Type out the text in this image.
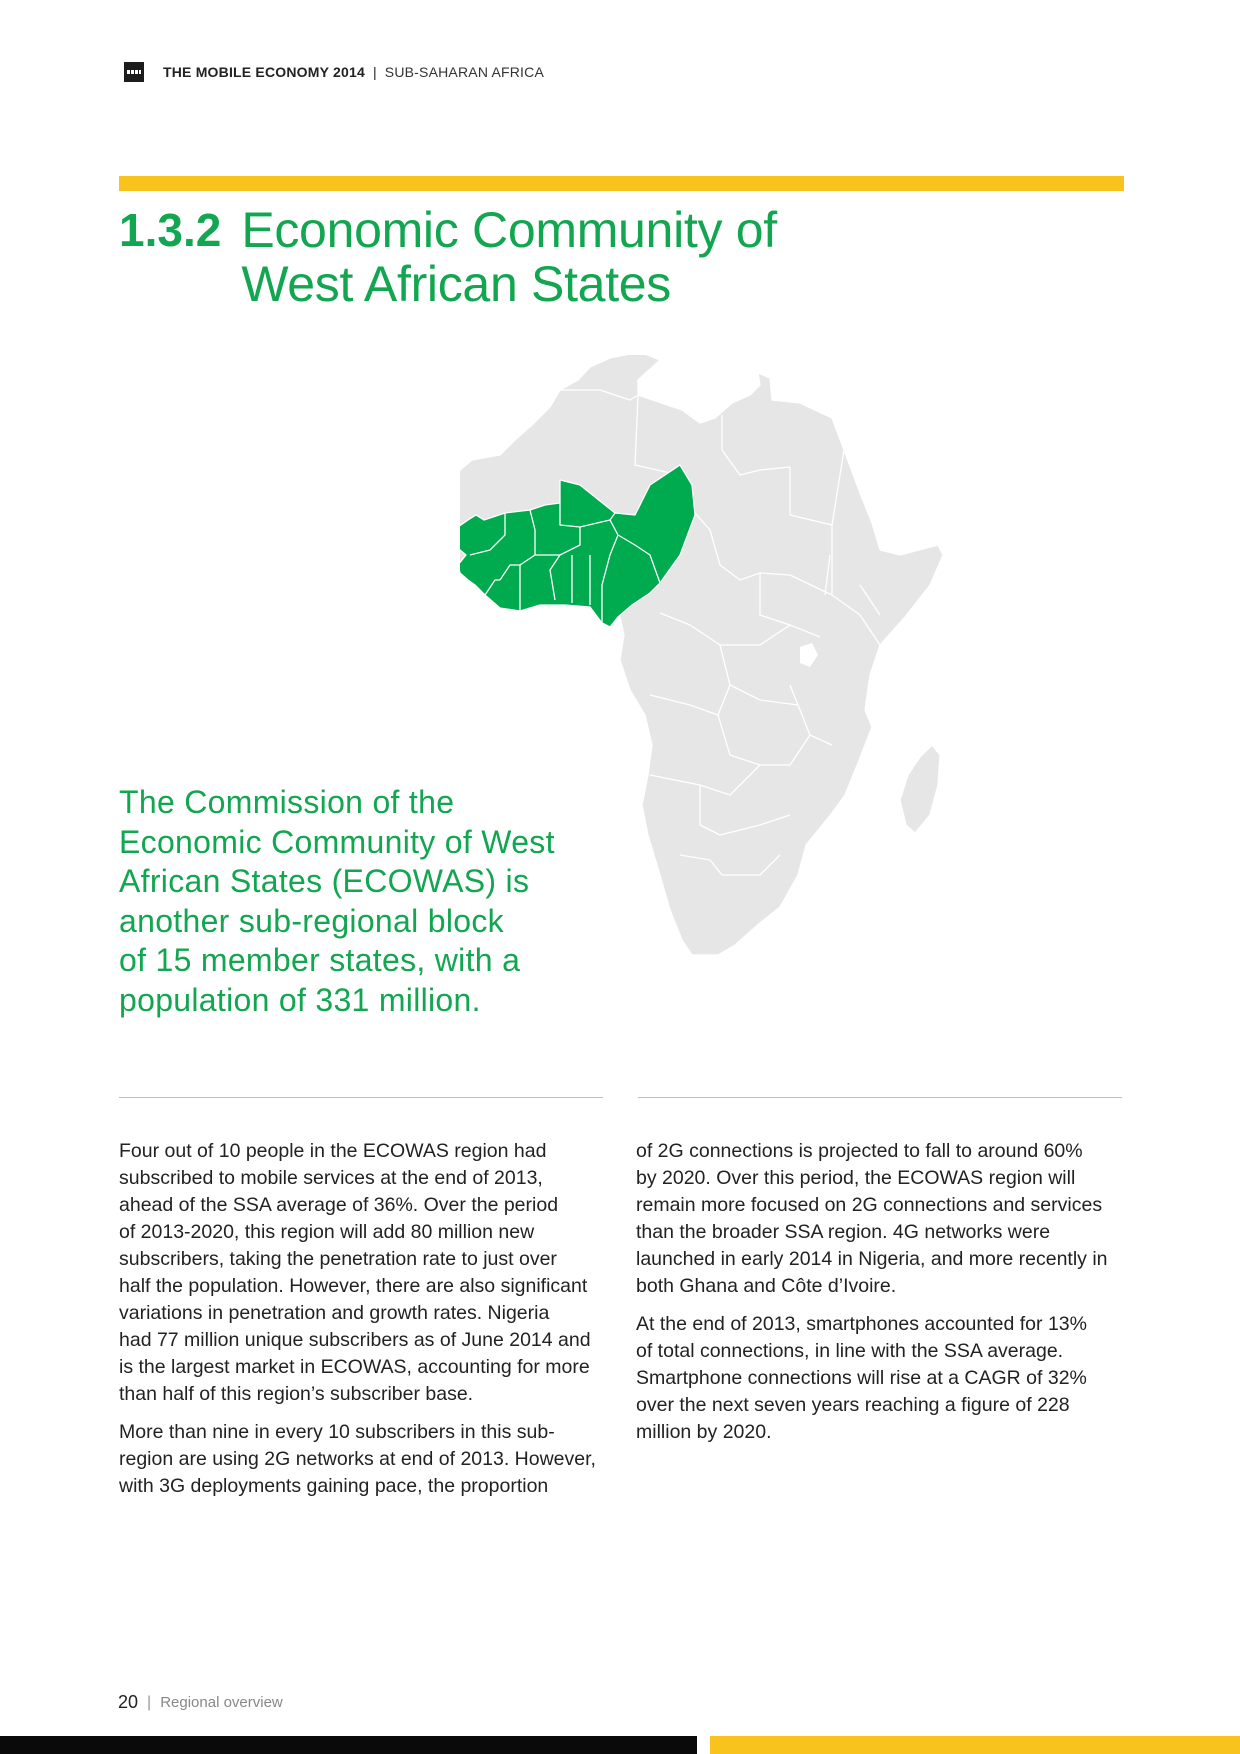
THE MOBILE ECONOMY 2014 | SUB-SAHARAN AFRICA
1.3.2 Economic Community of
West African States
The Commission of the
Economic Community of West
African States (ECOWAS) is
another sub-regional block
of 15 member states, with a
population of 331 million.

Four out of 10 people in the ECOWAS region had
subscribed to mobile services at the end of 2013,
ahead of the SSA average of 36%. Over the period
of 2013-2020, this region will add 80 million new
subscribers, taking the penetration rate to just over
half the population. However, there are also significant
variations in penetration and growth rates. Nigeria
had 77 million unique subscribers as of June 2014 and
is the largest market in ECOWAS, accounting for more
than half of this region’s subscriber base.

More than nine in every 10 subscribers in this sub-
region are using 2G networks at end of 2013. However,
with 3G deployments gaining pace, the proportion

of 2G connections is projected to fall to around 60%
by 2020. Over this period, the ECOWAS region will
remain more focused on 2G connections and services
than the broader SSA region. 4G networks were
launched in early 2014 in Nigeria, and more recently in
both Ghana and Côte d’Ivoire.

At the end of 2013, smartphones accounted for 13%
of total connections, in line with the SSA average.
Smartphone connections will rise at a CAGR of 32%
over the next seven years reaching a figure of 228
million by 2020.

20 | Regional overview
